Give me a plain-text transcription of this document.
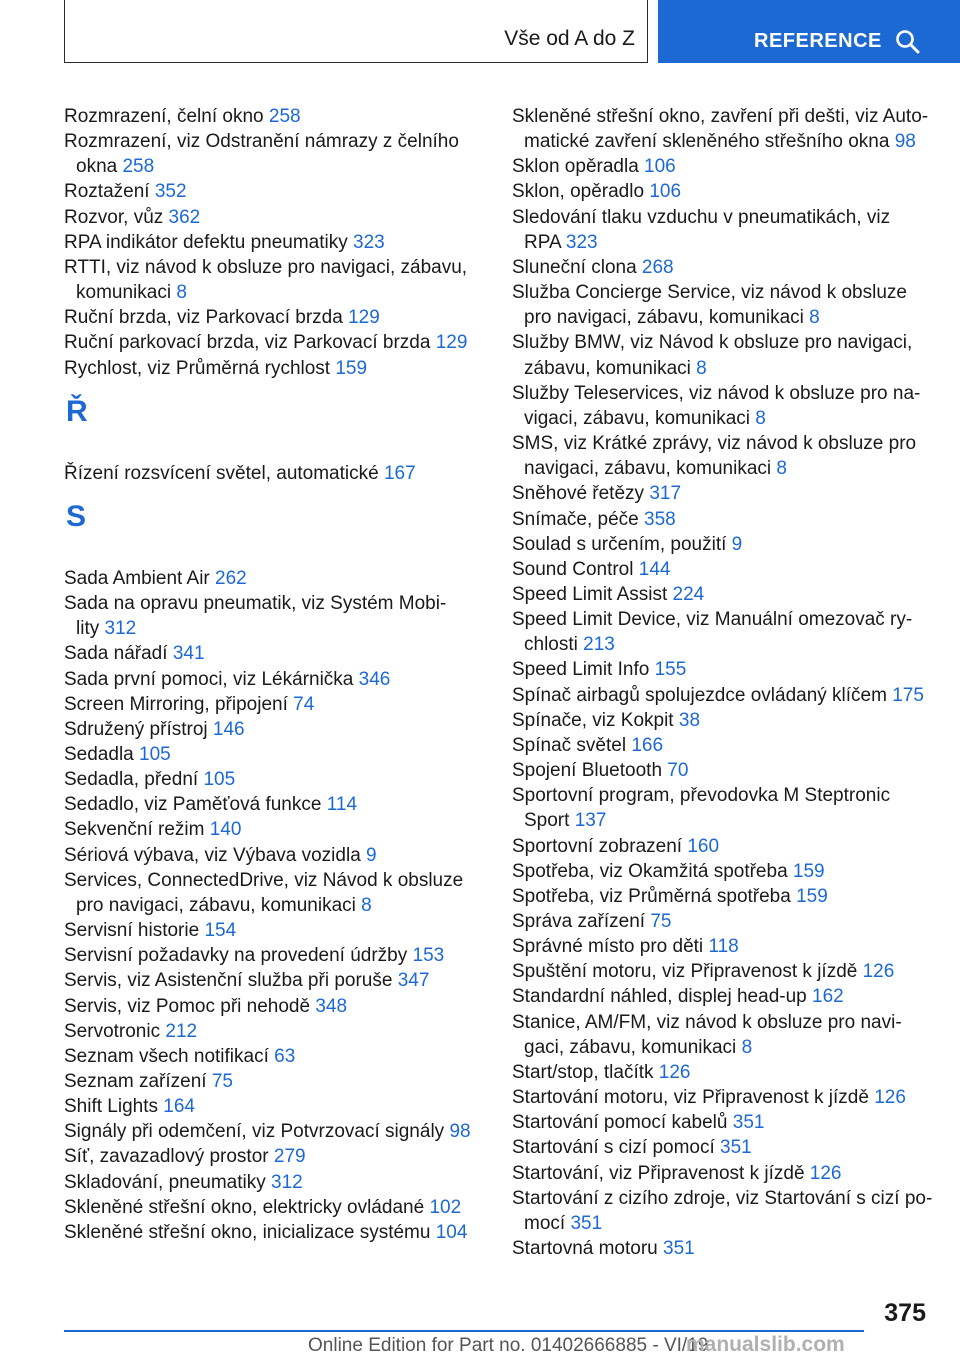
Vše od A do Z	REFERENCE
Rozmrazení, čelní okno 258
Rozmrazení, viz Odstranění námrazy z čelního
okna 258
Roztažení 352
Rozvor, vůz 362
RPA indikátor defektu pneumatiky 323
RTTI, viz návod k obsluze pro navigaci, zábavu,
komunikaci 8
Ruční brzda, viz Parkovací brzda 129
Ruční parkovací brzda, viz Parkovací brzda 129
Rychlost, viz Průměrná rychlost 159
Ř
Řízení rozsvícení světel, automatické 167
S
Sada Ambient Air 262
Sada na opravu pneumatik, viz Systém Mobi-
lity 312
Sada nářadí 341
Sada první pomoci, viz Lékárnička 346
Screen Mirroring, připojení 74
Sdružený přístroj 146
Sedadla 105
Sedadla, přední 105
Sedadlo, viz Paměťová funkce 114
Sekvenční režim 140
Sériová výbava, viz Výbava vozidla 9
Services, ConnectedDrive, viz Návod k obsluze
pro navigaci, zábavu, komunikaci 8
Servisní historie 154
Servisní požadavky na provedení údržby 153
Servis, viz Asistenční služba při poruše 347
Servis, viz Pomoc při nehodě 348
Servotronic 212
Seznam všech notifikací 63
Seznam zařízení 75
Shift Lights 164
Signály při odemčení, viz Potvrzovací signály 98
Síť, zavazadlový prostor 279
Skladování, pneumatiky 312
Skleněné střešní okno, elektricky ovládané 102
Skleněné střešní okno, inicializace systému 104
Skleněné střešní okno, zavření při dešti, viz Auto-
matické zavření skleněného střešního okna 98
Sklon opěradla 106
Sklon, opěradlo 106
Sledování tlaku vzduchu v pneumatikách, viz
RPA 323
Sluneční clona 268
Služba Concierge Service, viz návod k obsluze
pro navigaci, zábavu, komunikaci 8
Služby BMW, viz Návod k obsluze pro navigaci,
zábavu, komunikaci 8
Služby Teleservices, viz návod k obsluze pro na-
vigaci, zábavu, komunikaci 8
SMS, viz Krátké zprávy, viz návod k obsluze pro
navigaci, zábavu, komunikaci 8
Sněhové řetězy 317
Snímače, péče 358
Soulad s určením, použití 9
Sound Control 144
Speed Limit Assist 224
Speed Limit Device, viz Manuální omezovač ry-
chlosti 213
Speed Limit Info 155
Spínač airbagů spolujezdce ovládaný klíčem 175
Spínače, viz Kokpit 38
Spínač světel 166
Spojení Bluetooth 70
Sportovní program, převodovka M Steptronic
Sport 137
Sportovní zobrazení 160
Spotřeba, viz Okamžitá spotřeba 159
Spotřeba, viz Průměrná spotřeba 159
Správa zařízení 75
Správné místo pro děti 118
Spuštění motoru, viz Připravenost k jízdě 126
Standardní náhled, displej head-up 162
Stanice, AM/FM, viz návod k obsluze pro navi-
gaci, zábavu, komunikaci 8
Start/stop, tlačítk 126
Startování motoru, viz Připravenost k jízdě 126
Startování pomocí kabelů 351
Startování s cizí pomocí 351
Startování, viz Připravenost k jízdě 126
Startování z cizího zdroje, viz Startování s cizí po-
mocí 351
Startovná motoru 351
375
Online Edition for Part no. 01402666885 - VI/19
manualslib.com
